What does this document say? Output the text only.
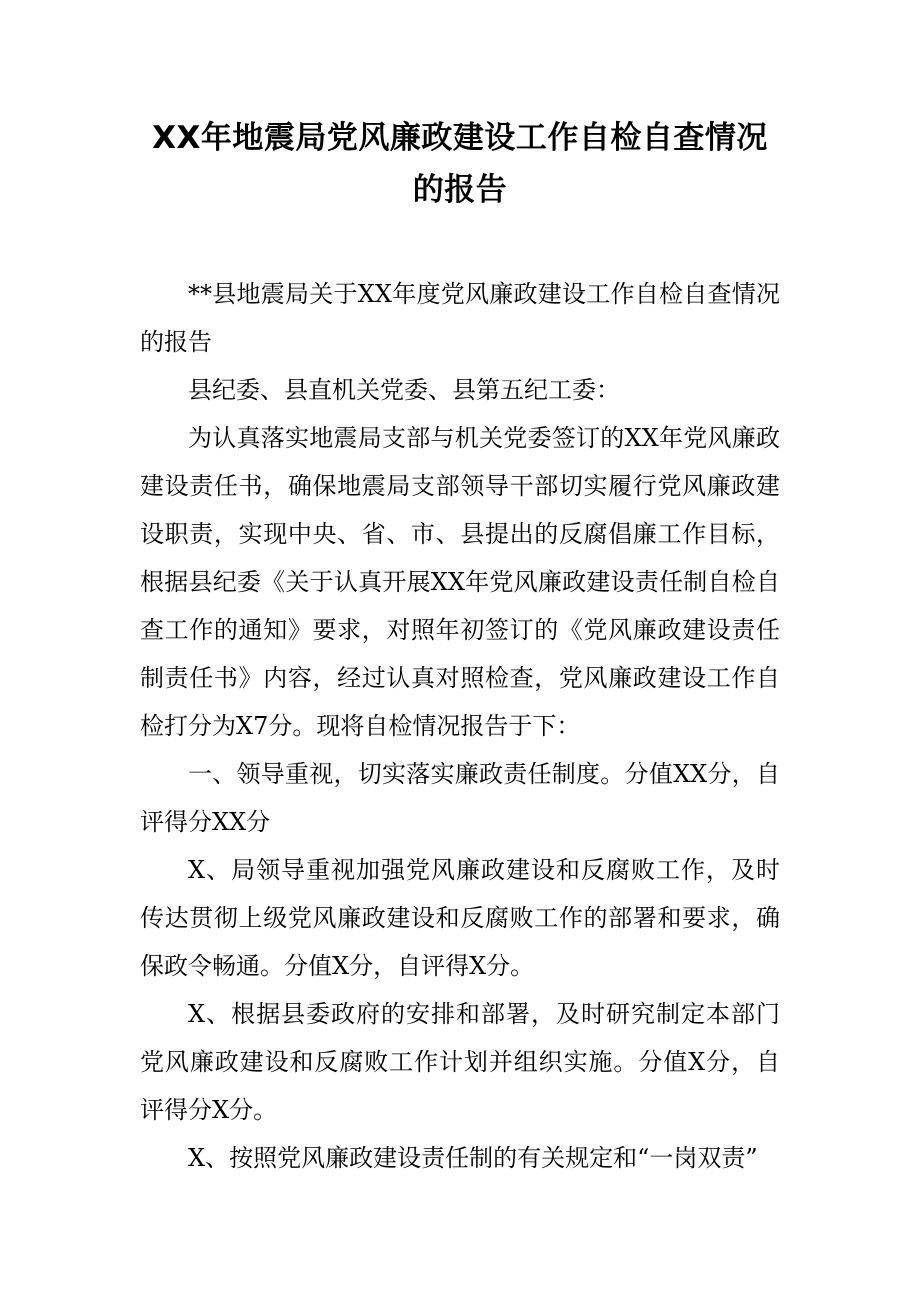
XX年地震局党风廉政建设工作自检自查情况的报告

**县地震局关于XX年度党风廉政建设工作自检自查情况的报告

县纪委、县直机关党委、县第五纪工委：

为认真落实地震局支部与机关党委签订的XX年党风廉政建设责任书，确保地震局支部领导干部切实履行党风廉政建设职责，实现中央、省、市、县提出的反腐倡廉工作目标，根据县纪委《关于认真开展XX年党风廉政建设责任制自检自查工作的通知》要求，对照年初签订的《党风廉政建设责任制责任书》内容，经过认真对照检查，党风廉政建设工作自检打分为X7分。现将自检情况报告于下：

一、领导重视，切实落实廉政责任制度。分值XX分，自评得分XX分

X、局领导重视加强党风廉政建设和反腐败工作，及时传达贯彻上级党风廉政建设和反腐败工作的部署和要求，确保政令畅通。分值X分，自评得X分。

X、根据县委政府的安排和部署，及时研究制定本部门党风廉政建设和反腐败工作计划并组织实施。分值X分，自评得分X分。

X、按照党风廉政建设责任制的有关规定和“一岗双责”
